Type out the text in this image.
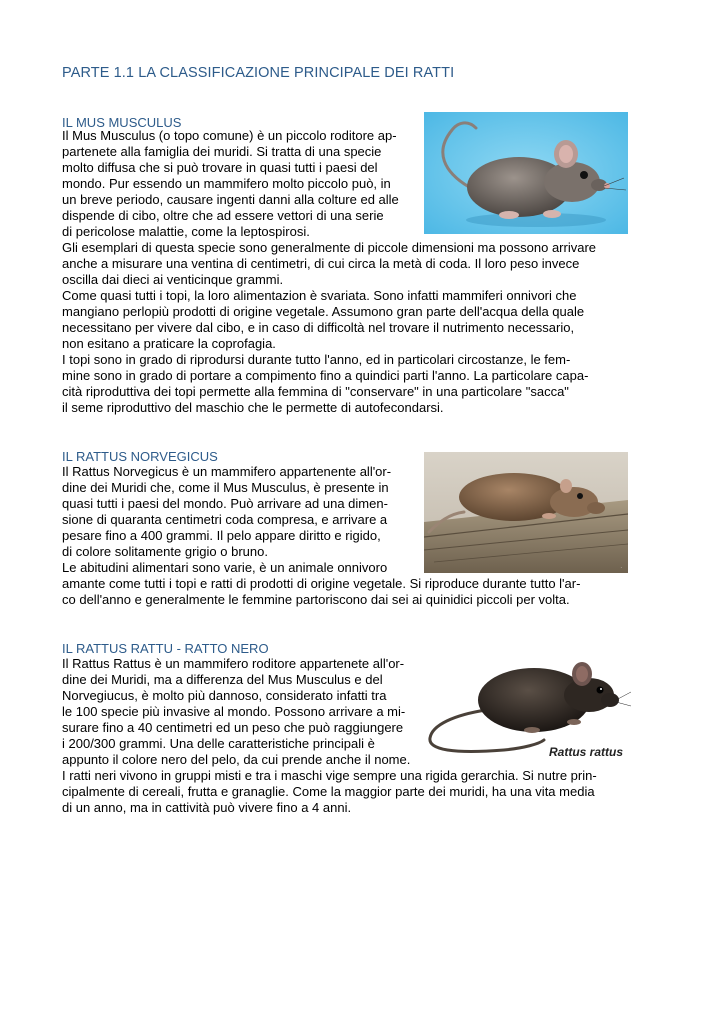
PARTE 1.1 LA CLASSIFICAZIONE PRINCIPALE DEI RATTI
IL MUS MUSCULUS
Il Mus Musculus (o topo comune) è un piccolo roditore ap-
partenete alla famiglia dei muridi. Si tratta di una specie
molto diffusa che si può trovare in quasi tutti i paesi del
mondo. Pur essendo un mammifero molto piccolo può, in
un breve periodo, causare ingenti danni alla colture ed alle
dispende di cibo, oltre che ad essere vettori di una serie
di pericolose malattie, come la leptospirosi.
Gli esemplari di questa specie sono generalmente di piccole dimensioni ma possono arrivare
anche a misurare una ventina di centimetri, di cui circa la metà di coda. Il loro peso invece
oscilla dai dieci ai venticinque grammi.
Come quasi tutti i topi, la loro alimentazion è svariata. Sono infatti mammiferi onnivori che
mangiano perlopiù prodotti di origine vegetale. Assumono gran parte dell'acqua della quale
necessitano per vivere dal cibo, e in caso di difficoltà nel trovare il nutrimento necessario,
non esitano a praticare la coprofagia.
I topi sono in grado di riprodursi durante tutto l'anno, ed in particolari circostanze, le fem-
mine sono in grado di portare a compimento fino a quindici parti l'anno. La particolare capa-
cità riproduttiva dei topi permette alla femmina di "conservare" in una particolare "sacca"
il seme riproduttivo del maschio che le permette di autofecondarsi.
IL RATTUS NORVEGICUS
·
Il Rattus Norvegicus è un mammifero appartenente all'or-
dine dei Muridi che, come il Mus Musculus, è presente in
quasi tutti i paesi del mondo. Può arrivare ad una dimen-
sione di quaranta centimetri coda compresa, e arrivare a
pesare fino a 400 grammi. Il pelo appare diritto e rigido,
di colore solitamente grigio o bruno.
Le abitudini alimentari sono varie, è un animale onnivoro
amante come tutti i topi e ratti di prodotti di origine vegetale. Si riproduce durante tutto l'ar-
co dell'anno e generalmente le femmine partoriscono dai sei ai quinidici piccoli per volta.
IL RATTUS RATTU - RATTO NERO
Rattus rattus
Il Rattus Rattus è un mammifero roditore appartenete all'or-
dine dei Muridi, ma a differenza del Mus Musculus e del
Norvegiucus, è molto più dannoso, considerato infatti tra
le 100 specie più invasive al mondo. Possono arrivare a mi-
surare fino a 40 centimetri ed un peso che può raggiungere
i 200/300 grammi. Una delle caratteristiche principali è
appunto il colore nero del pelo, da cui prende anche il nome.
I ratti neri vivono in gruppi misti e tra i maschi vige sempre una rigida gerarchia. Si nutre prin-
cipalmente di cereali, frutta e granaglie. Come la maggior parte dei muridi, ha una vita media
di un anno, ma in cattività può vivere fino a 4 anni.
